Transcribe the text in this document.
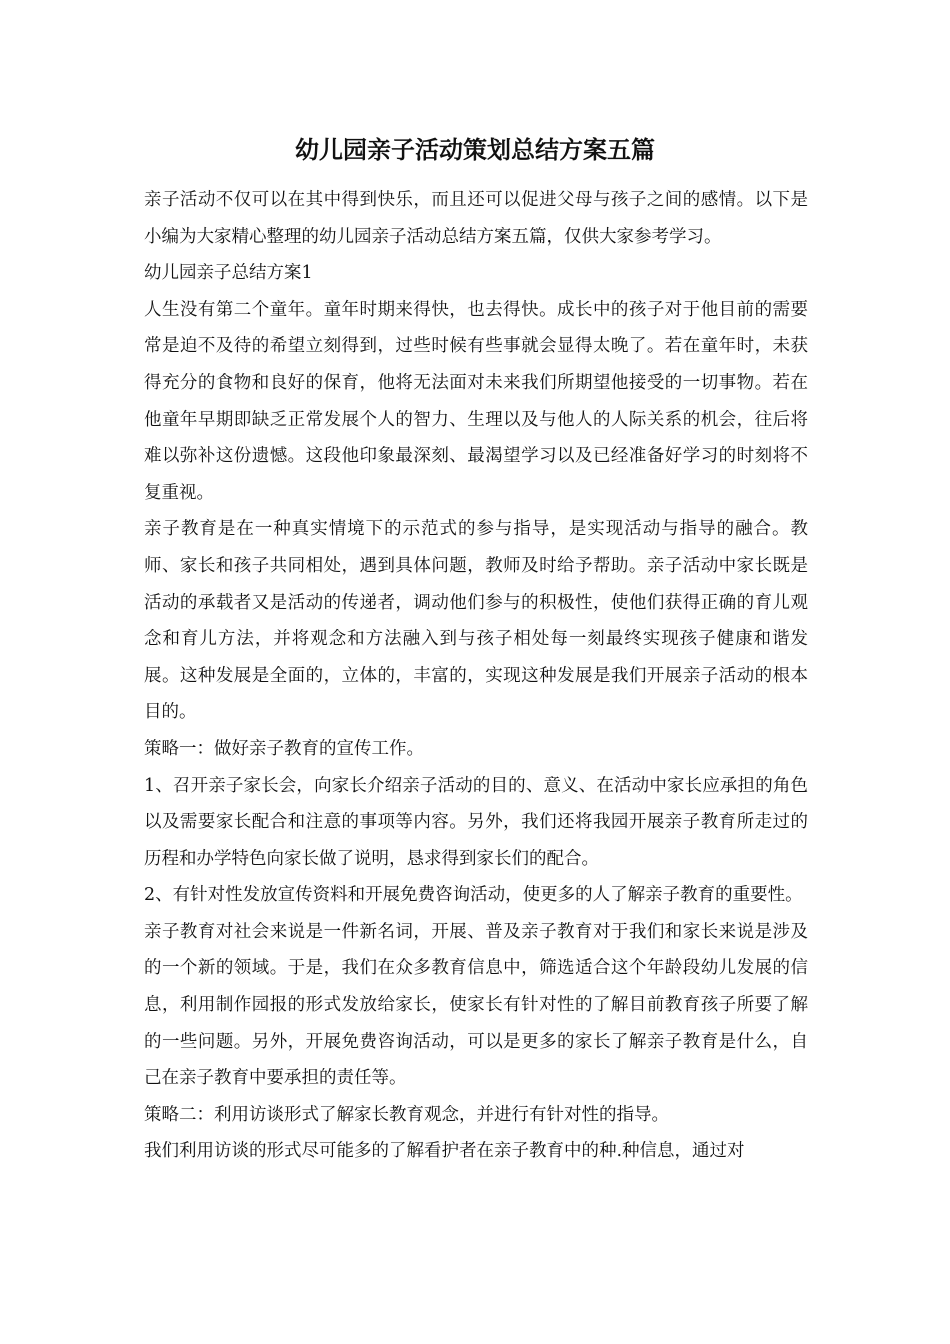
幼儿园亲子活动策划总结方案五篇

亲子活动不仅可以在其中得到快乐，而且还可以促进父母与孩子之间的感情。以下是小编为大家精心整理的幼儿园亲子活动总结方案五篇，仅供大家参考学习。

幼儿园亲子总结方案1

人生没有第二个童年。童年时期来得快，也去得快。成长中的孩子对于他目前的需要常是迫不及待的希望立刻得到，过些时候有些事就会显得太晚了。若在童年时，未获得充分的食物和良好的保育，他将无法面对未来我们所期望他接受的一切事物。若在他童年早期即缺乏正常发展个人的智力、生理以及与他人的人际关系的机会，往后将难以弥补这份遗憾。这段他印象最深刻、最渴望学习以及已经准备好学习的时刻将不复重视。

亲子教育是在一种真实情境下的示范式的参与指导，是实现活动与指导的融合。教师、家长和孩子共同相处，遇到具体问题，教师及时给予帮助。亲子活动中家长既是活动的承载者又是活动的传递者，调动他们参与的积极性，使他们获得正确的育儿观念和育儿方法，并将观念和方法融入到与孩子相处每一刻最终实现孩子健康和谐发展。这种发展是全面的，立体的，丰富的，实现这种发展是我们开展亲子活动的根本目的。

策略一：做好亲子教育的宣传工作。

1、召开亲子家长会，向家长介绍亲子活动的目的、意义、在活动中家长应承担的角色以及需要家长配合和注意的事项等内容。另外，我们还将我园开展亲子教育所走过的历程和办学特色向家长做了说明，恳求得到家长们的配合。

2、有针对性发放宣传资料和开展免费咨询活动，使更多的人了解亲子教育的重要性。

亲子教育对社会来说是一件新名词，开展、普及亲子教育对于我们和家长来说是涉及的一个新的领域。于是，我们在众多教育信息中，筛选适合这个年龄段幼儿发展的信息，利用制作园报的形式发放给家长，使家长有针对性的了解目前教育孩子所要了解的一些问题。另外，开展免费咨询活动，可以是更多的家长了解亲子教育是什么，自己在亲子教育中要承担的责任等。

策略二：利用访谈形式了解家长教育观念，并进行有针对性的指导。

我们利用访谈的形式尽可能多的了解看护者在亲子教育中的种.种信息，通过对
